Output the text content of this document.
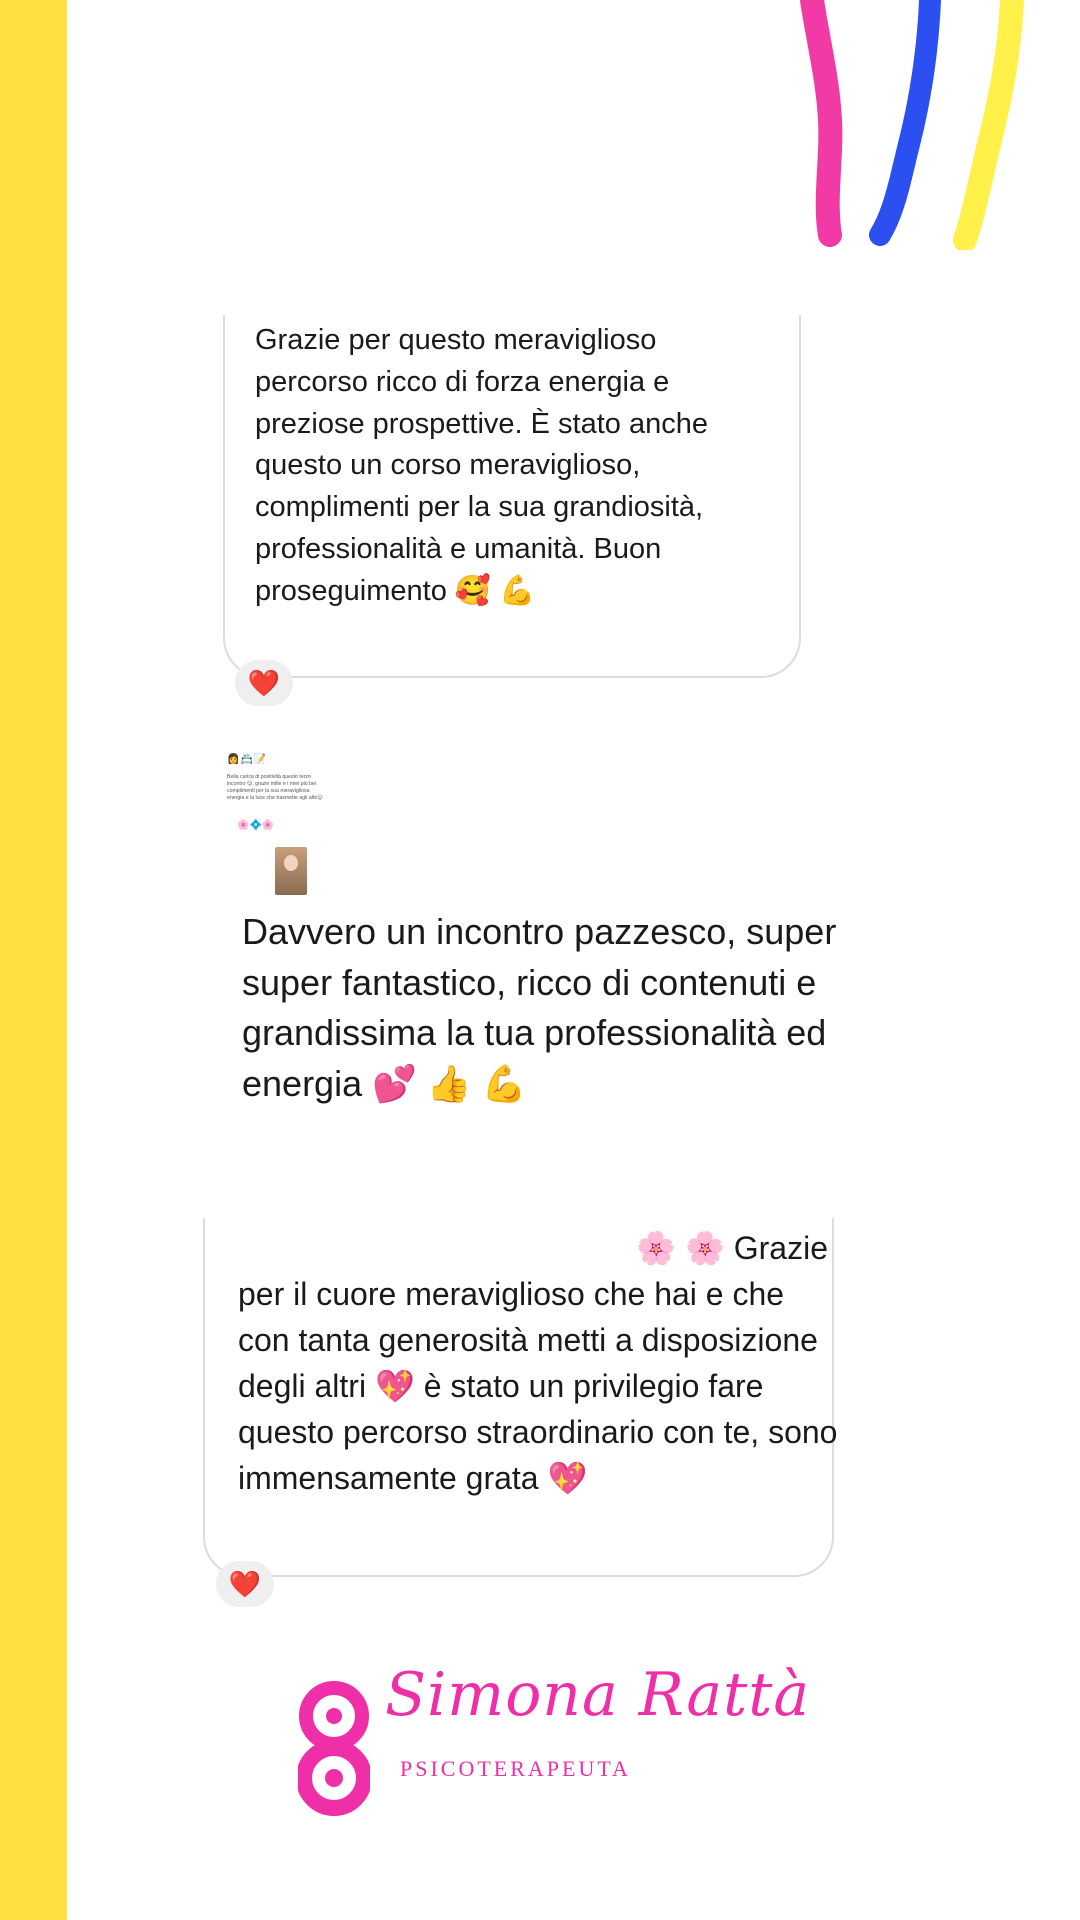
Grazie per questo meraviglioso percorso ricco di forza energia e preziose prospettive. È stato anche questo un corso meraviglioso, complimenti per la sua grandiosità, professionalità e umanità. Buon proseguimento 🥰 💪

❤️
👩📇📝
Bella carica di positività questo terzo incontro 😊, grazie mille e i miei più bei complimenti per la sua meravigliosa energia e la luce che trasmette agli altri😊
🌸💠🌸

Davvero un incontro pazzesco, super super fantastico, ricco di contenuti e grandissima la tua professionalità ed energia 💕 👍 💪

🌸 🌸 Grazie
per il cuore meraviglioso che hai e che con tanta generosità metti a disposizione degli altri 💖 è stato un privilegio fare questo percorso straordinario con te, sono immensamente grata 💖

❤️
Simona Rattà
PSICOTERAPEUTA
